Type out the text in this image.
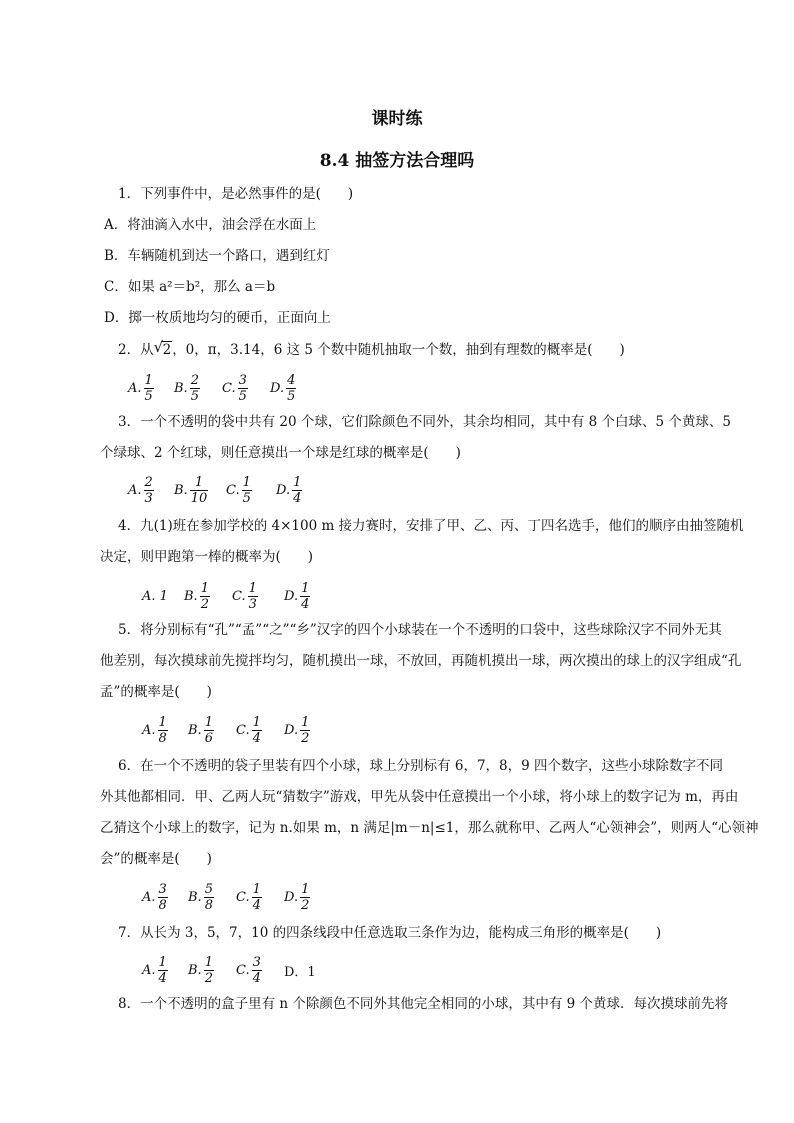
课时练
8.4 抽签方法合理吗
1．下列事件中，是必然事件的是(　　)
A．将油滴入水中，油会浮在水面上
B．车辆随机到达一个路口，遇到红灯
C．如果 a²＝b²，那么 a＝b
D．掷一枚质地均匀的硬币，正面向上
2．从 √ 2，0，π，3.14，6 这 5 个数中随机抽取一个数，抽到有理数的概率是(　　)
A. $\frac{1}{5} B$. $\frac{2}{5} C$. $\frac{3}{5} D$. $\frac{4}{5}$
3．一个不透明的袋中共有 20 个球，它们除颜色不同外，其余均相同，其中有 8 个白球、5 个黄球、5
个绿球、2 个红球，则任意摸出一个球是红球的概率是(　　)
A. $\frac{2}{3} B$. $\frac{1}{10} C$. $\frac{1}{5} D$. $\frac{1}{4}$
4．九(1)班在参加学校的 4×100 m 接力赛时，安排了甲、乙、丙、丁四名选手，他们的顺序由抽签随机
决定，则甲跑第一棒的概率为(　　)
A. 1 B. $\frac{1}{2} C$. $\frac{1}{3} D$. $\frac{1}{4}$
5．将分别标有“孔”“孟”“之”“乡”汉字的四个小球装在一个不透明的口袋中，这些球除汉字不同外无其
他差别，每次摸球前先搅拌均匀，随机摸出一球，不放回，再随机摸出一球，两次摸出的球上的汉字组成“孔
孟”的概率是(　　)
A. $\frac{1}{8} B$. $\frac{1}{6} C$. $\frac{1}{4} D$. $\frac{1}{2}$
6．在一个不透明的袋子里装有四个小球，球上分别标有 6，7，8，9 四个数字，这些小球除数字不同
外其他都相同．甲、乙两人玩“猜数字”游戏，甲先从袋中任意摸出一个小球，将小球上的数字记为 m，再由
乙猜这个小球上的数字，记为 n.如果 m，n 满足|m－n|≤1，那么就称甲、乙两人“心领神会”，则两人“心领神
会”的概率是(　　)
A. $\frac{3}{8} B$. $\frac{5}{8} C$. $\frac{1}{4} D$. $\frac{1}{2}$
7．从长为 3，5，7，10 的四条线段中任意选取三条作为边，能构成三角形的概率是(　　)
A. $\frac{1}{4} B$. $\frac{1}{2} C$. $\frac{3}{4}$ D．1
8．一个不透明的盒子里有 n 个除颜色不同外其他完全相同的小球，其中有 9 个黄球．每次摸球前先将
